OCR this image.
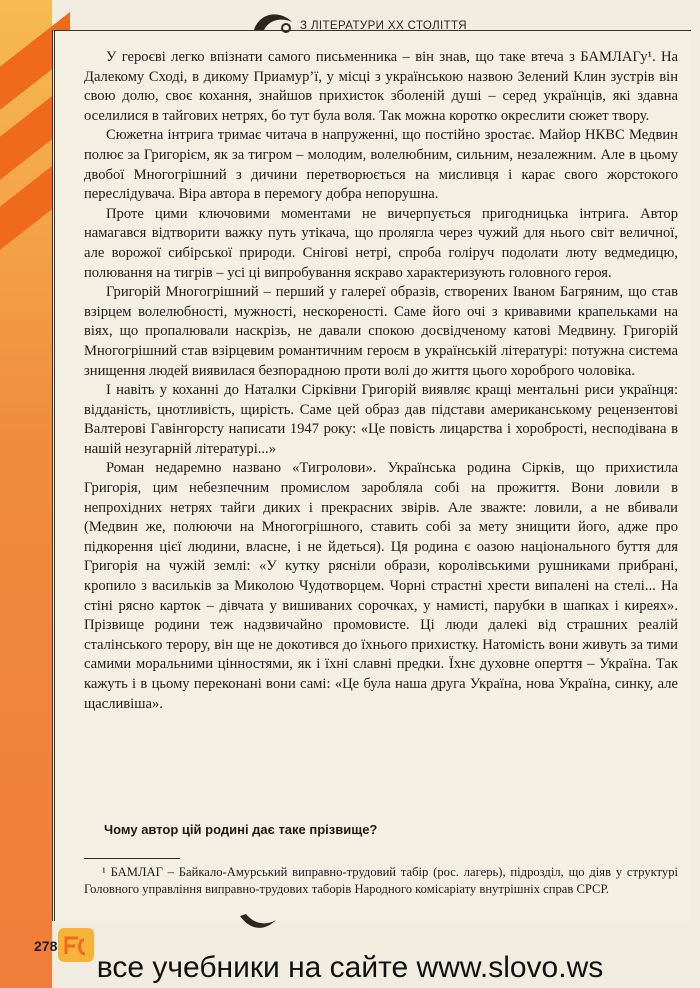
З ЛІТЕРАТУРИ XX СТОЛІТТЯ

У героєві легко впізнати самого письменника – він знав, що таке втеча з БАМЛАГу¹. На Далекому Сході, в дикому Приамур’ї, у місці з українською назвою Зелений Клин зустрів він свою долю, своє кохання, знайшов прихисток зболеній душі – серед українців, які здавна оселилися в тайгових нетрях, бо тут була воля. Так можна коротко окреслити сюжет твору.

Сюжетна інтрига тримає читача в напруженні, що постійно зростає. Майор НКВС Медвин полює за Григорієм, як за тигром – молодим, волелюбним, сильним, незалежним. Але в цьому двобої Многогрішний з дичини перетворюється на мисливця і карає свого жорстокого переслідувача. Віра автора в перемогу добра непорушна.

Проте цими ключовими моментами не вичерпується пригодницька інтрига. Автор намагався відтворити важку путь утікача, що пролягла через чужий для нього світ величної, але ворожої сибірської природи. Снігові нетрі, спроба голіруч подолати люту ведмедицю, полювання на тигрів – усі ці випробування яскраво характеризують головного героя.

Григорій Многогрішний – перший у галереї образів, створених Іваном Багряним, що став взірцем волелюбності, мужності, нескореності. Саме його очі з кривавими крапельками на віях, що пропалювали наскрізь, не давали спокою досвідченому катові Медвину. Григорій Многогрішний став взірцевим романтичним героєм в українській літературі: потужна система знищення людей виявилася безпорадною проти волі до життя цього хороброго чоловіка.

І навіть у коханні до Наталки Сірківни Григорій виявляє кращі ментальні риси українця: відданість, цнотливість, щирість. Саме цей образ дав підстави американському рецензентові Валтерові Гавінгорсту написати 1947 року: «Це повість лицарства і хоробрості, несподівана в нашій незугарній літературі...»

Роман недаремно названо «Тигролови». Українська родина Сірків, що прихистила Григорія, цим небезпечним промислом заробляла собі на прожиття. Вони ловили в непрохідних нетрях тайги диких і прекрасних звірів. Але зважте: ловили, а не вбивали (Медвин же, полюючи на Многогрішного, ставить собі за мету знищити його, адже про підкорення цієї людини, власне, і не йдеться). Ця родина є оазою національного буття для Григорія на чужій землі: «У кутку рясніли образи, королівськими рушниками прибрані, кропило з васильків за Миколою Чудотворцем. Чорні страстні хрести випалені на стелі... На стіні рясно карток – дівчата у вишиваних сорочках, у намисті, парубки в шапках і киреях». Прізвище родини теж надзвичайно промовисте. Ці люди далекі від страшних реалій сталінського терору, він ще не докотився до їхнього прихистку. Натомість вони живуть за тими самими моральними цінностями, як і їхні славні предки. Їхнє духовне оперття – Україна. Так кажуть і в цьому переконані вони самі: «Це була наша друга Україна, нова Україна, синку, але щасливіша».

Чому автор цій родині дає таке прізвище?

¹ БАМЛАГ – Байкало-Амурський виправно-трудовий табір (рос. лагерь), підрозділ, що діяв у структурі Головного управління виправно-трудових таборів Народного комісаріату внутрішніх справ СРСР.

278
все учебники на сайте www.slovo.ws
